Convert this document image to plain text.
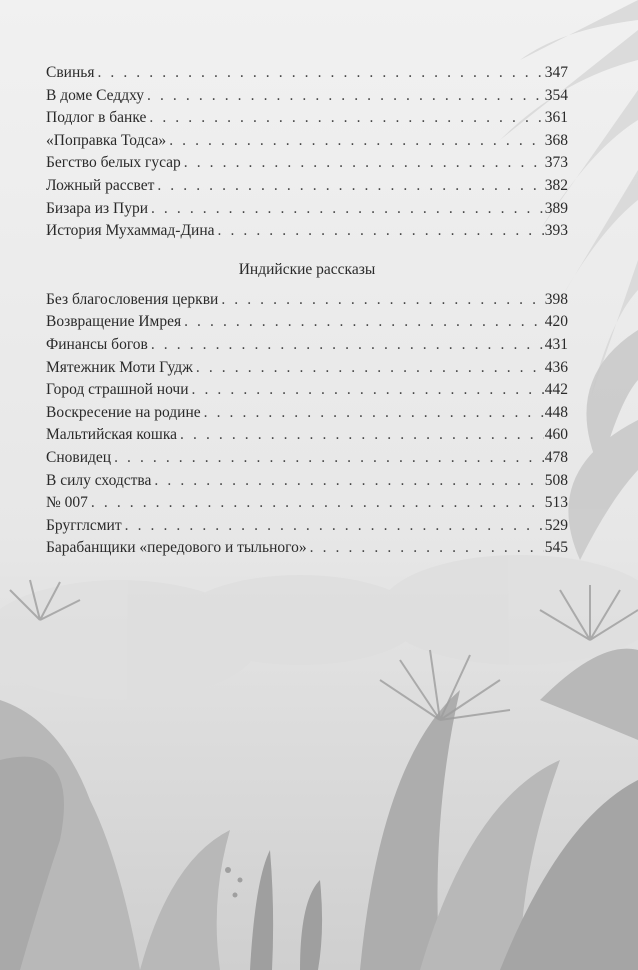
Свинья . . .	347
В доме Седдху . . .	354
Подлог в банке . . .	361
«Поправка Тодса» . . .	368
Бегство белых гусар . . .	373
Ложный рассвет . . .	382
Бизара из Пури . . .	389
История Мухаммад-Дина . . .	393
Индийские рассказы
Без благословения церкви . . .	398
Возвращение Имрея . . .	420
Финансы богов . . .	431
Мятежник Моти Гудж . . .	436
Город страшной ночи . . .	442
Воскресение на родине . . .	448
Мальтийская кошка . . .	460
Сновидец . . .	478
В силу сходства . . .	508
№ 007 . . .	513
Бругглсмит . . .	529
Барабанщики «передового и тыльного» . . .	545
